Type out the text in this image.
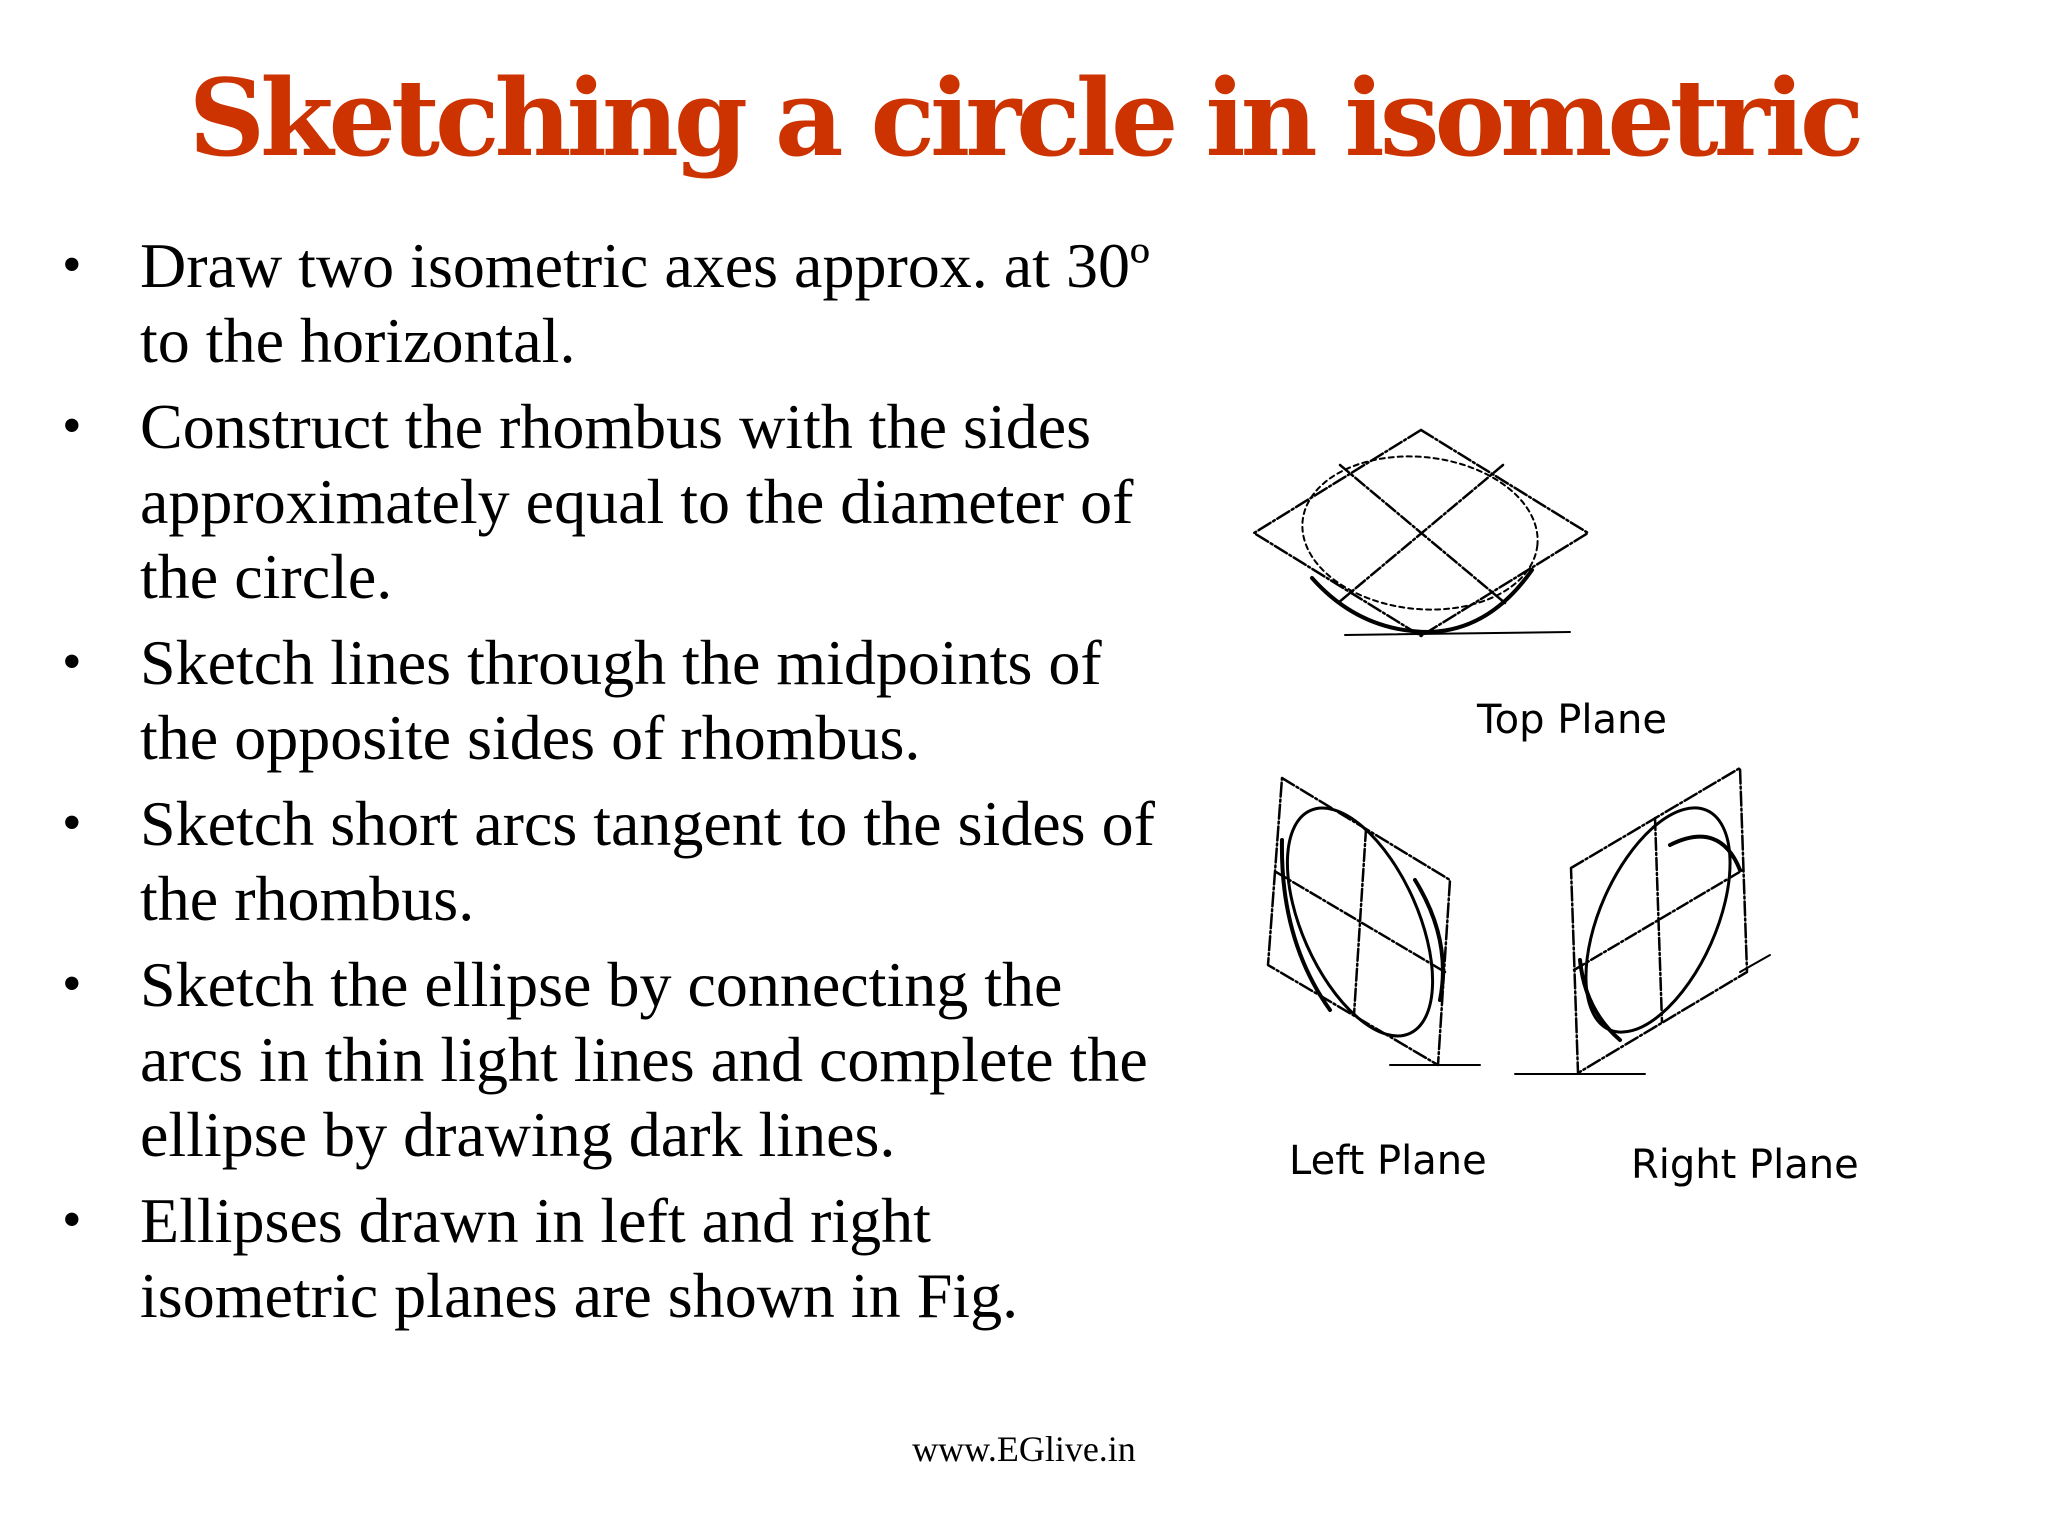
Sketching a circle in isometric
• Draw two isometric axes approx. at 30º to the horizontal.
• Construct the rhombus with the sides approximately equal to the diameter of the circle.
• Sketch lines through the midpoints of the opposite sides of rhombus.
• Sketch short arcs tangent to the sides of the rhombus.
• Sketch the ellipse by connecting the arcs in thin light lines and complete the ellipse by drawing dark lines.
• Ellipses drawn in left and right isometric planes are shown in Fig.
Top Plane
Left Plane	Right Plane
www.EGlive.in
